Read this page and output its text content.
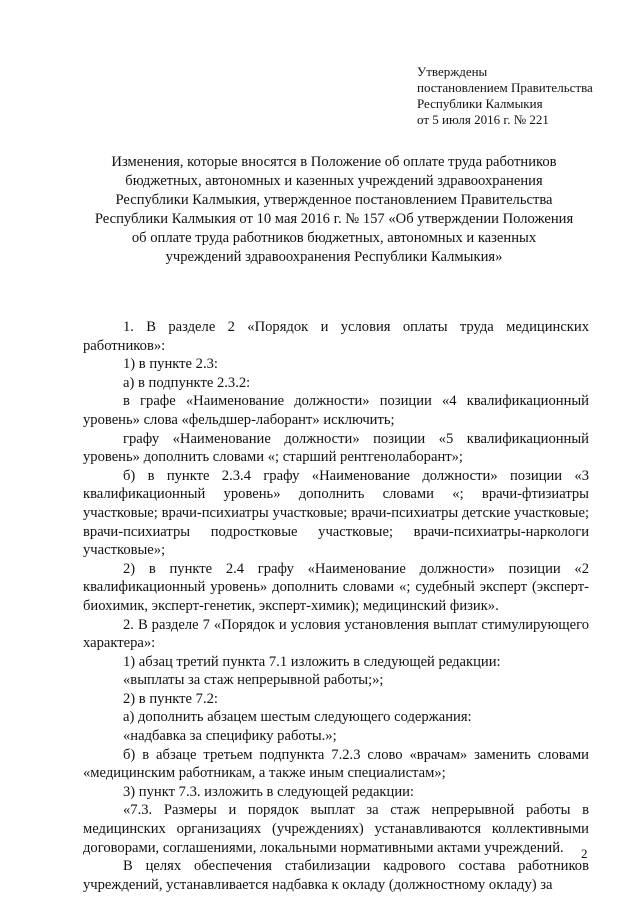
Утверждены
постановлением Правительства
Республики Калмыкия
от 5 июля 2016 г. № 221
Изменения, которые вносятся в Положение об оплате труда работников
бюджетных, автономных и казенных учреждений здравоохранения
Республики Калмыкия, утвержденное постановлением Правительства
Республики Калмыкия от 10 мая 2016 г. № 157 «Об утверждении Положения
об оплате труда работников бюджетных, автономных и казенных
учреждений здравоохранения Республики Калмыкия»

1. В разделе 2 «Порядок и условия оплаты труда медицинских работников»:

1) в пункте 2.3:

а) в подпункте 2.3.2:

в графе «Наименование должности» позиции «4 квалификационный уровень» слова «фельдшер-лаборант» исключить;

графу «Наименование должности» позиции «5 квалификационный уровень» дополнить словами «; старший рентгенолаборант»;

б) в пункте 2.3.4 графу «Наименование должности» позиции «3 квалификационный уровень» дополнить словами «; врачи-фтизиатры участковые; врачи-психиатры участковые; врачи-психиатры детские участковые; врачи-психиатры подростковые участковые; врачи-психиатры-наркологи участковые»;

2) в пункте 2.4 графу «Наименование должности» позиции «2 квалификационный уровень» дополнить словами «; судебный эксперт (эксперт-биохимик, эксперт-генетик, эксперт-химик); медицинский физик».

2. В разделе 7 «Порядок и условия установления выплат стимулирующего характера»:

1) абзац третий пункта 7.1 изложить в следующей редакции:

«выплаты за стаж непрерывной работы;»;

2) в пункте 7.2:

а) дополнить абзацем шестым следующего содержания:

«надбавка за специфику работы.»;

б) в абзаце третьем подпункта 7.2.3 слово «врачам» заменить словами «медицинским работникам, а также иным специалистам»;

3) пункт 7.3. изложить в следующей редакции:

«7.3. Размеры и порядок выплат за стаж непрерывной работы в медицинских организациях (учреждениях) устанавливаются коллективными договорами, соглашениями, локальными нормативными актами учреждений.

В целях обеспечения стабилизации кадрового состава работников учреждений, устанавливается надбавка к окладу (должностному окладу) за

2
